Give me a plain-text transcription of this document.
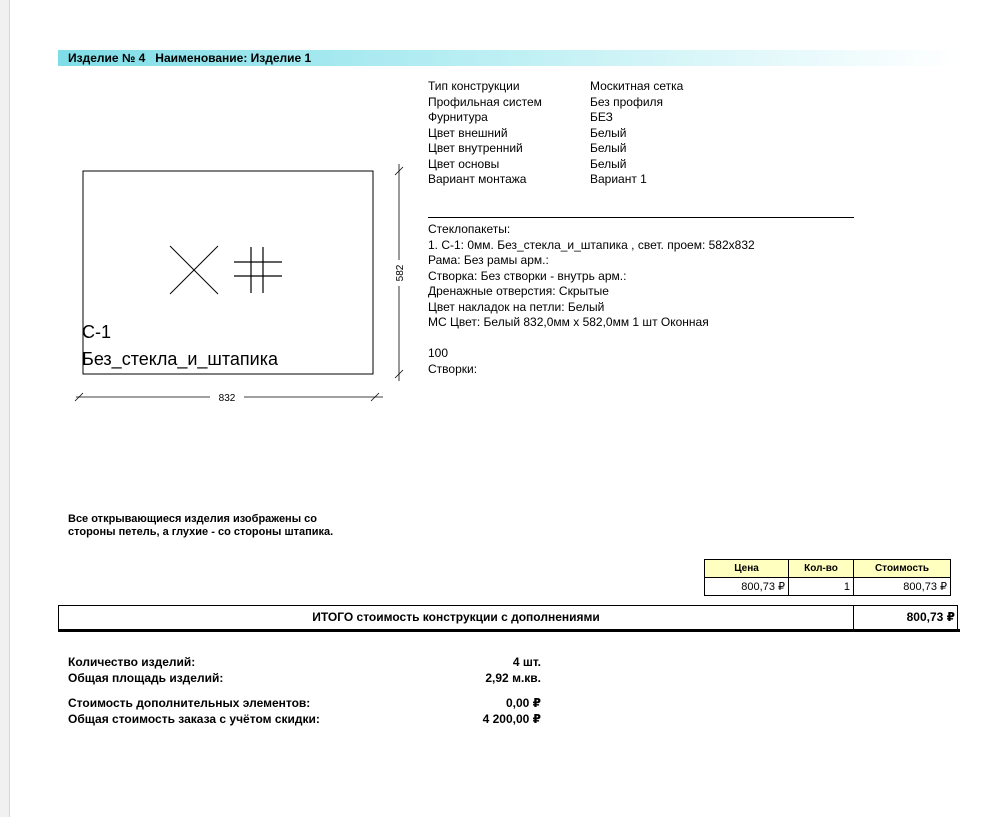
Изделие № 4 Наименование: Изделие 1
С-1
Без_стекла_и_штапика
582
832
Тип конструкции	Москитная сетка
Профильная систем	Без профиля
Фурнитура	БЕЗ
Цвет внешний	Белый
Цвет внутренний	Белый
Цвет основы	Белый
Вариант монтажа	Вариант 1
Стеклопакеты:
1. С-1: 0мм. Без_стекла_и_штапика , свет. проем: 582x832
Рама: Без рамы арм.:
Створка: Без створки - внутрь арм.:
Дренажные отверстия: Скрытые
Цвет накладок на петли: Белый
МС Цвет: Белый 832,0мм x 582,0мм 1 шт Оконная
100
Створки:
Все открывающиеся изделия изображены со
стороны петель, а глухие - со стороны штапика.
Цена	Кол-во	Стоимость
800,73 ₽	1	800,73 ₽
ИТОГО стоимость конструкции с дополнениями	800,73 ₽
Количество изделий:	4 шт.
Общая площадь изделий:	2,92 м.кв.
Стоимость дополнительных элементов:	0,00 ₽
Общая стоимость заказа с учётом скидки:	4 200,00 ₽
